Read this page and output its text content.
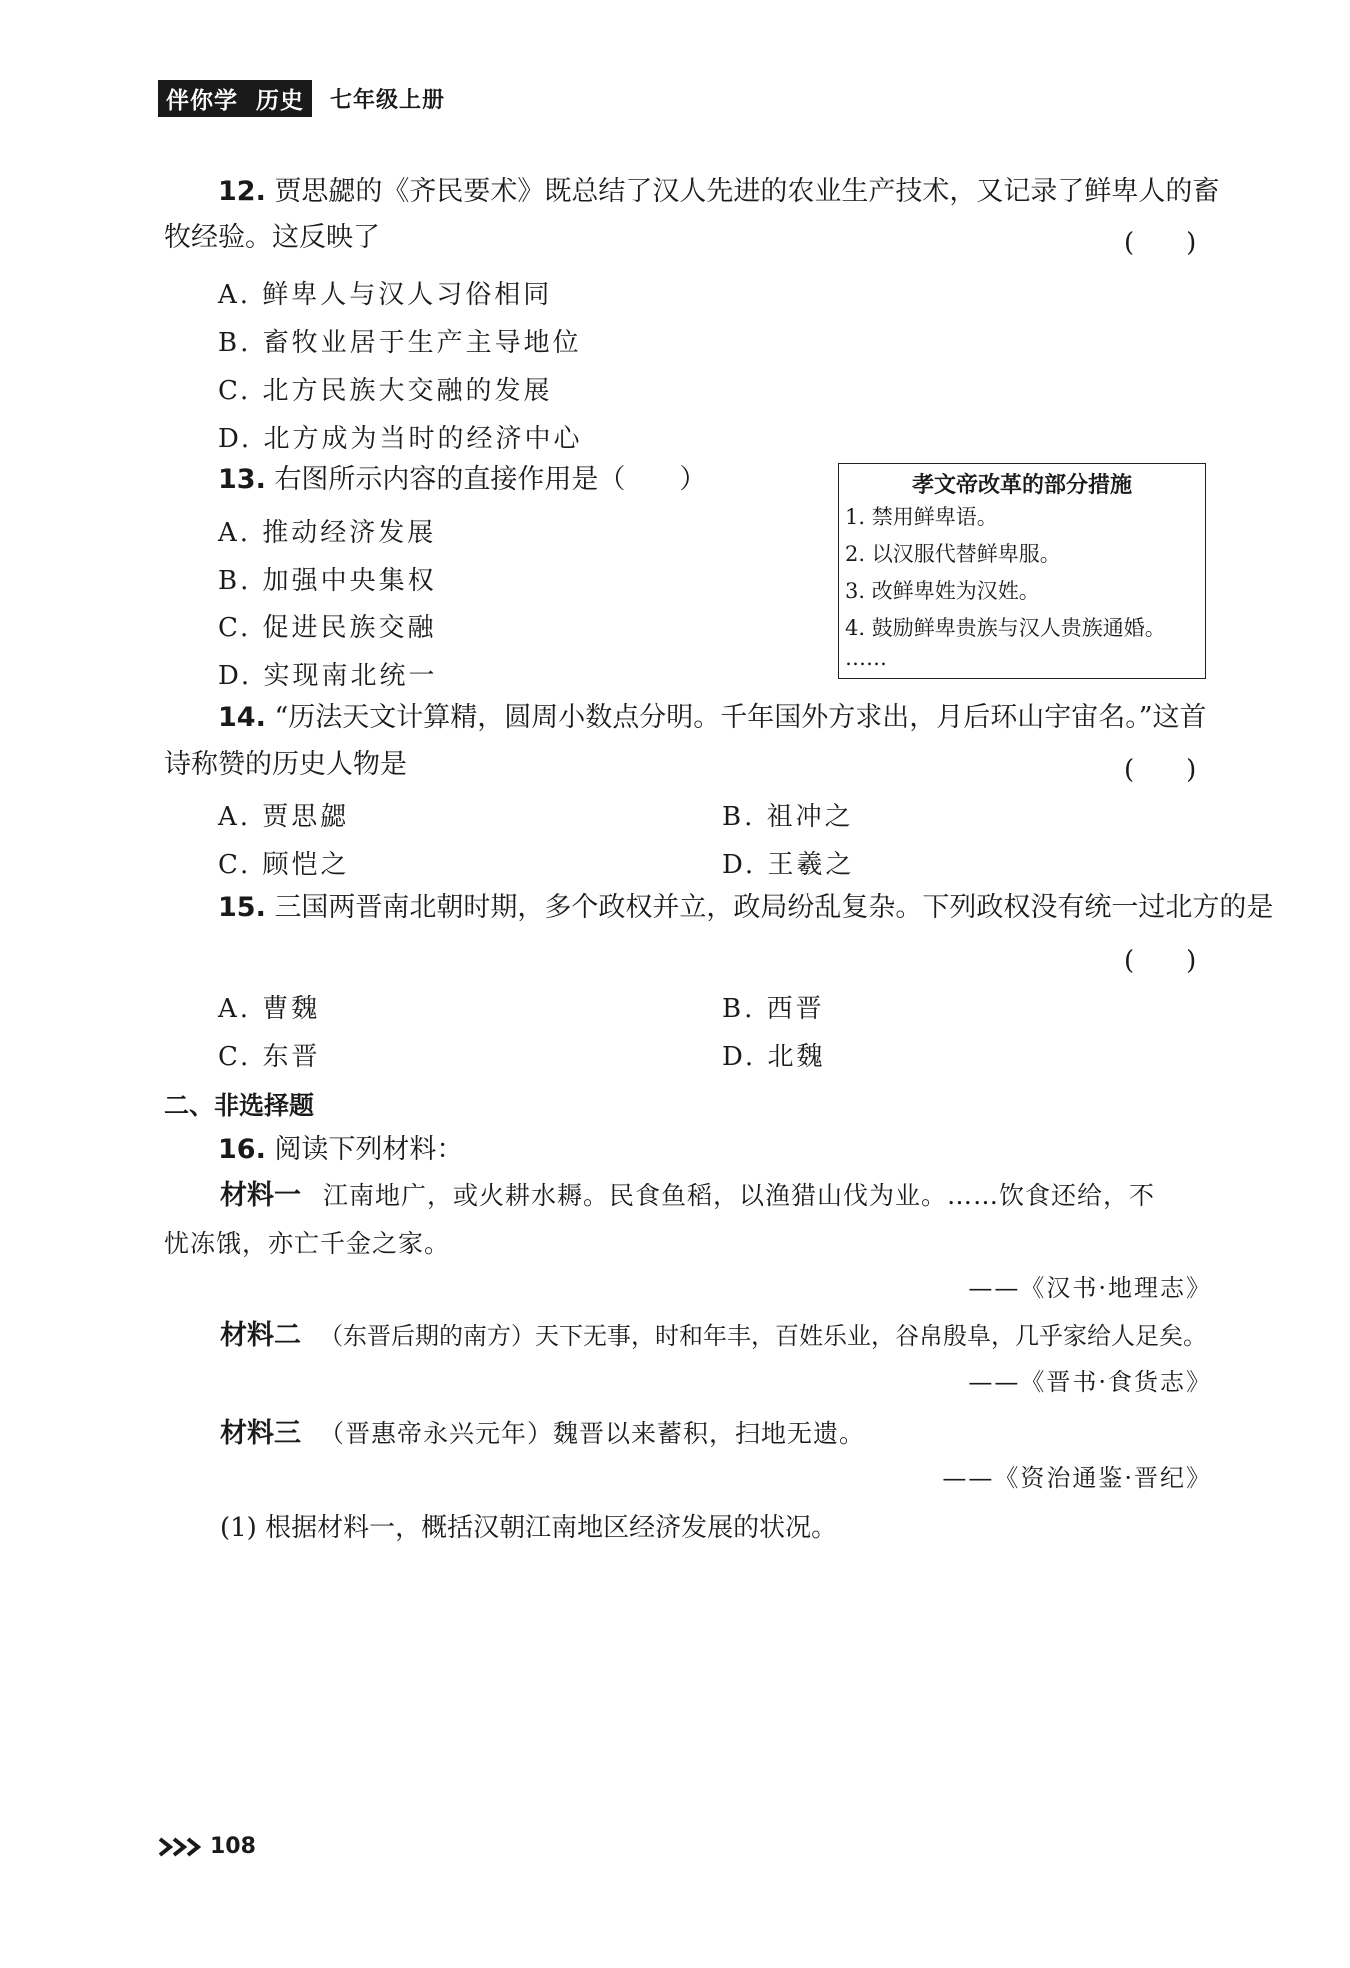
伴你学 历史	七年级上册
12. 贾思勰的《齐民要术》既总结了汉人先进的农业生产技术，又记录了鲜卑人的畜
牧经验。这反映了	(　　)
A. 鲜卑人与汉人习俗相同
B. 畜牧业居于生产主导地位
C. 北方民族大交融的发展
D. 北方成为当时的经济中心
13. 右图所示内容的直接作用是（　　）
A. 推动经济发展
B. 加强中央集权
C. 促进民族交融
D. 实现南北统一
孝文帝改革的部分措施
1. 禁用鲜卑语。
2. 以汉服代替鲜卑服。
3. 改鲜卑姓为汉姓。
4. 鼓励鲜卑贵族与汉人贵族通婚。
……
14. “历法天文计算精，圆周小数点分明。千年国外方求出，月后环山宇宙名。”这首
诗称赞的历史人物是	(　　)
A. 贾思勰	B. 祖冲之
C. 顾恺之	D. 王羲之
15. 三国两晋南北朝时期，多个政权并立，政局纷乱复杂。下列政权没有统一过北方的是
(　　)
A. 曹魏	B. 西晋
C. 东晋	D. 北魏
二、非选择题
16. 阅读下列材料：
材料一 江南地广，或火耕水耨。民食鱼稻，以渔猎山伐为业。……饮食还给，不
忧冻饿，亦亡千金之家。
——《汉书·地理志》
材料二 （东晋后期的南方）天下无事，时和年丰，百姓乐业，谷帛殷阜，几乎家给人足矣。
——《晋书·食货志》
材料三 （晋惠帝永兴元年）魏晋以来蓄积，扫地无遗。
——《资治通鉴·晋纪》
(1) 根据材料一，概括汉朝江南地区经济发展的状况。
108
